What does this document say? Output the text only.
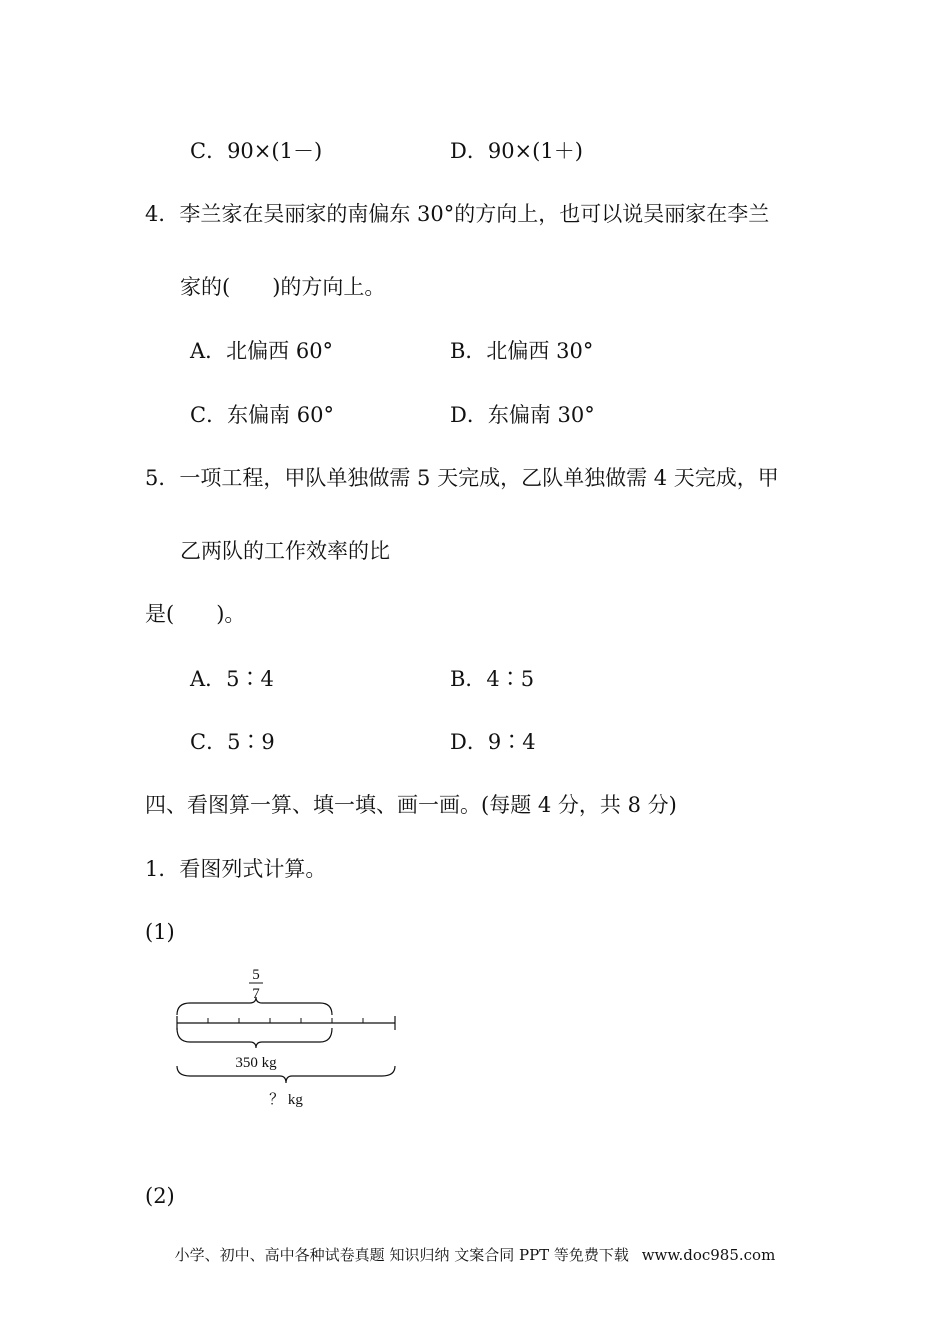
C．90×(1－)	D．90×(1＋)
4．李兰家在吴丽家的南偏东 30°的方向上，也可以说吴丽家在李兰
家的(　　)的方向上。
A．北偏西 60°	B．北偏西 30°
C．东偏南 60°	D．东偏南 30°
5．一项工程，甲队单独做需 5 天完成，乙队单独做需 4 天完成，甲
乙两队的工作效率的比
是(　　)。
A．5∶4	B．4∶5
C．5∶9	D．9∶4
四、看图算一算、填一填、画一画。(每题 4 分，共 8 分)
1．看图列式计算。
(1)
5
7
350 kg
？ kg
(2)
小学、初中、高中各种试卷真题 知识归纳 文案合同 PPT 等免费下载 www.doc985.com
